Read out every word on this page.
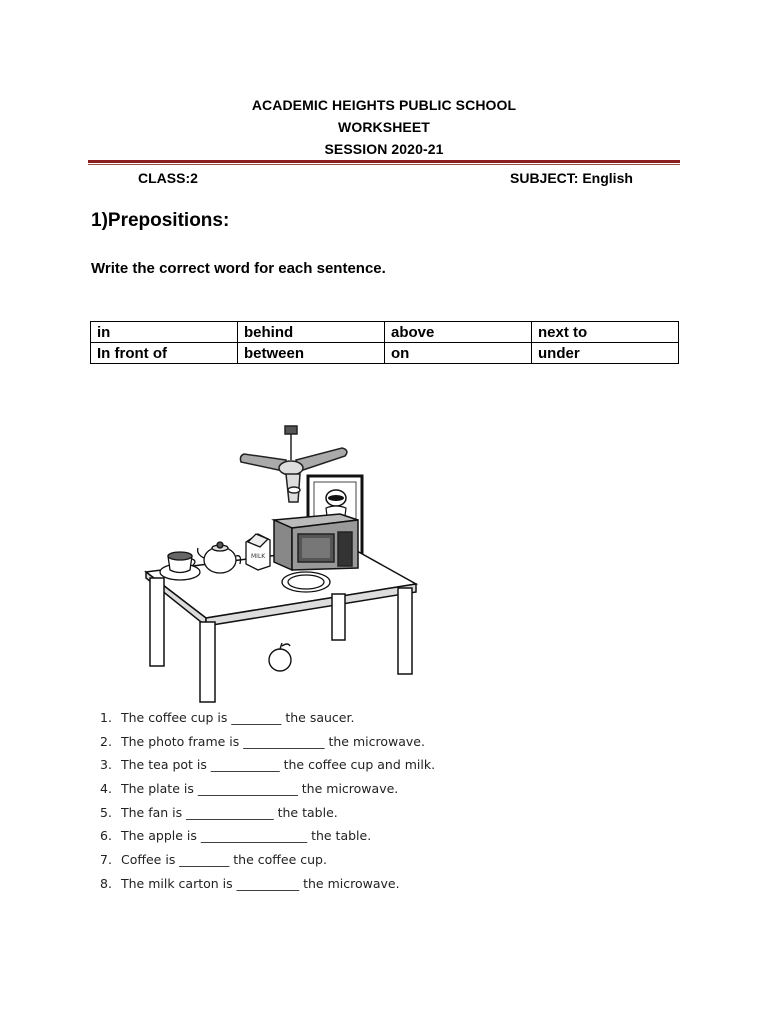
ACADEMIC HEIGHTS PUBLIC SCHOOL
WORKSHEET
SESSION 2020-21
CLASS:2	SUBJECT: English
1)Prepositions:
Write the correct word for each sentence.
in	behind	above	next to
In front of	between	on	under
MILK
1. The coffee cup is ________ the saucer.
2. The photo frame is _____________ the microwave.
3. The tea pot is ___________ the coffee cup and milk.
4. The plate is ________________ the microwave.
5. The fan is ______________ the table.
6. The apple is _________________ the table.
7. Coffee is ________ the coffee cup.
8. The milk carton is __________ the microwave.
